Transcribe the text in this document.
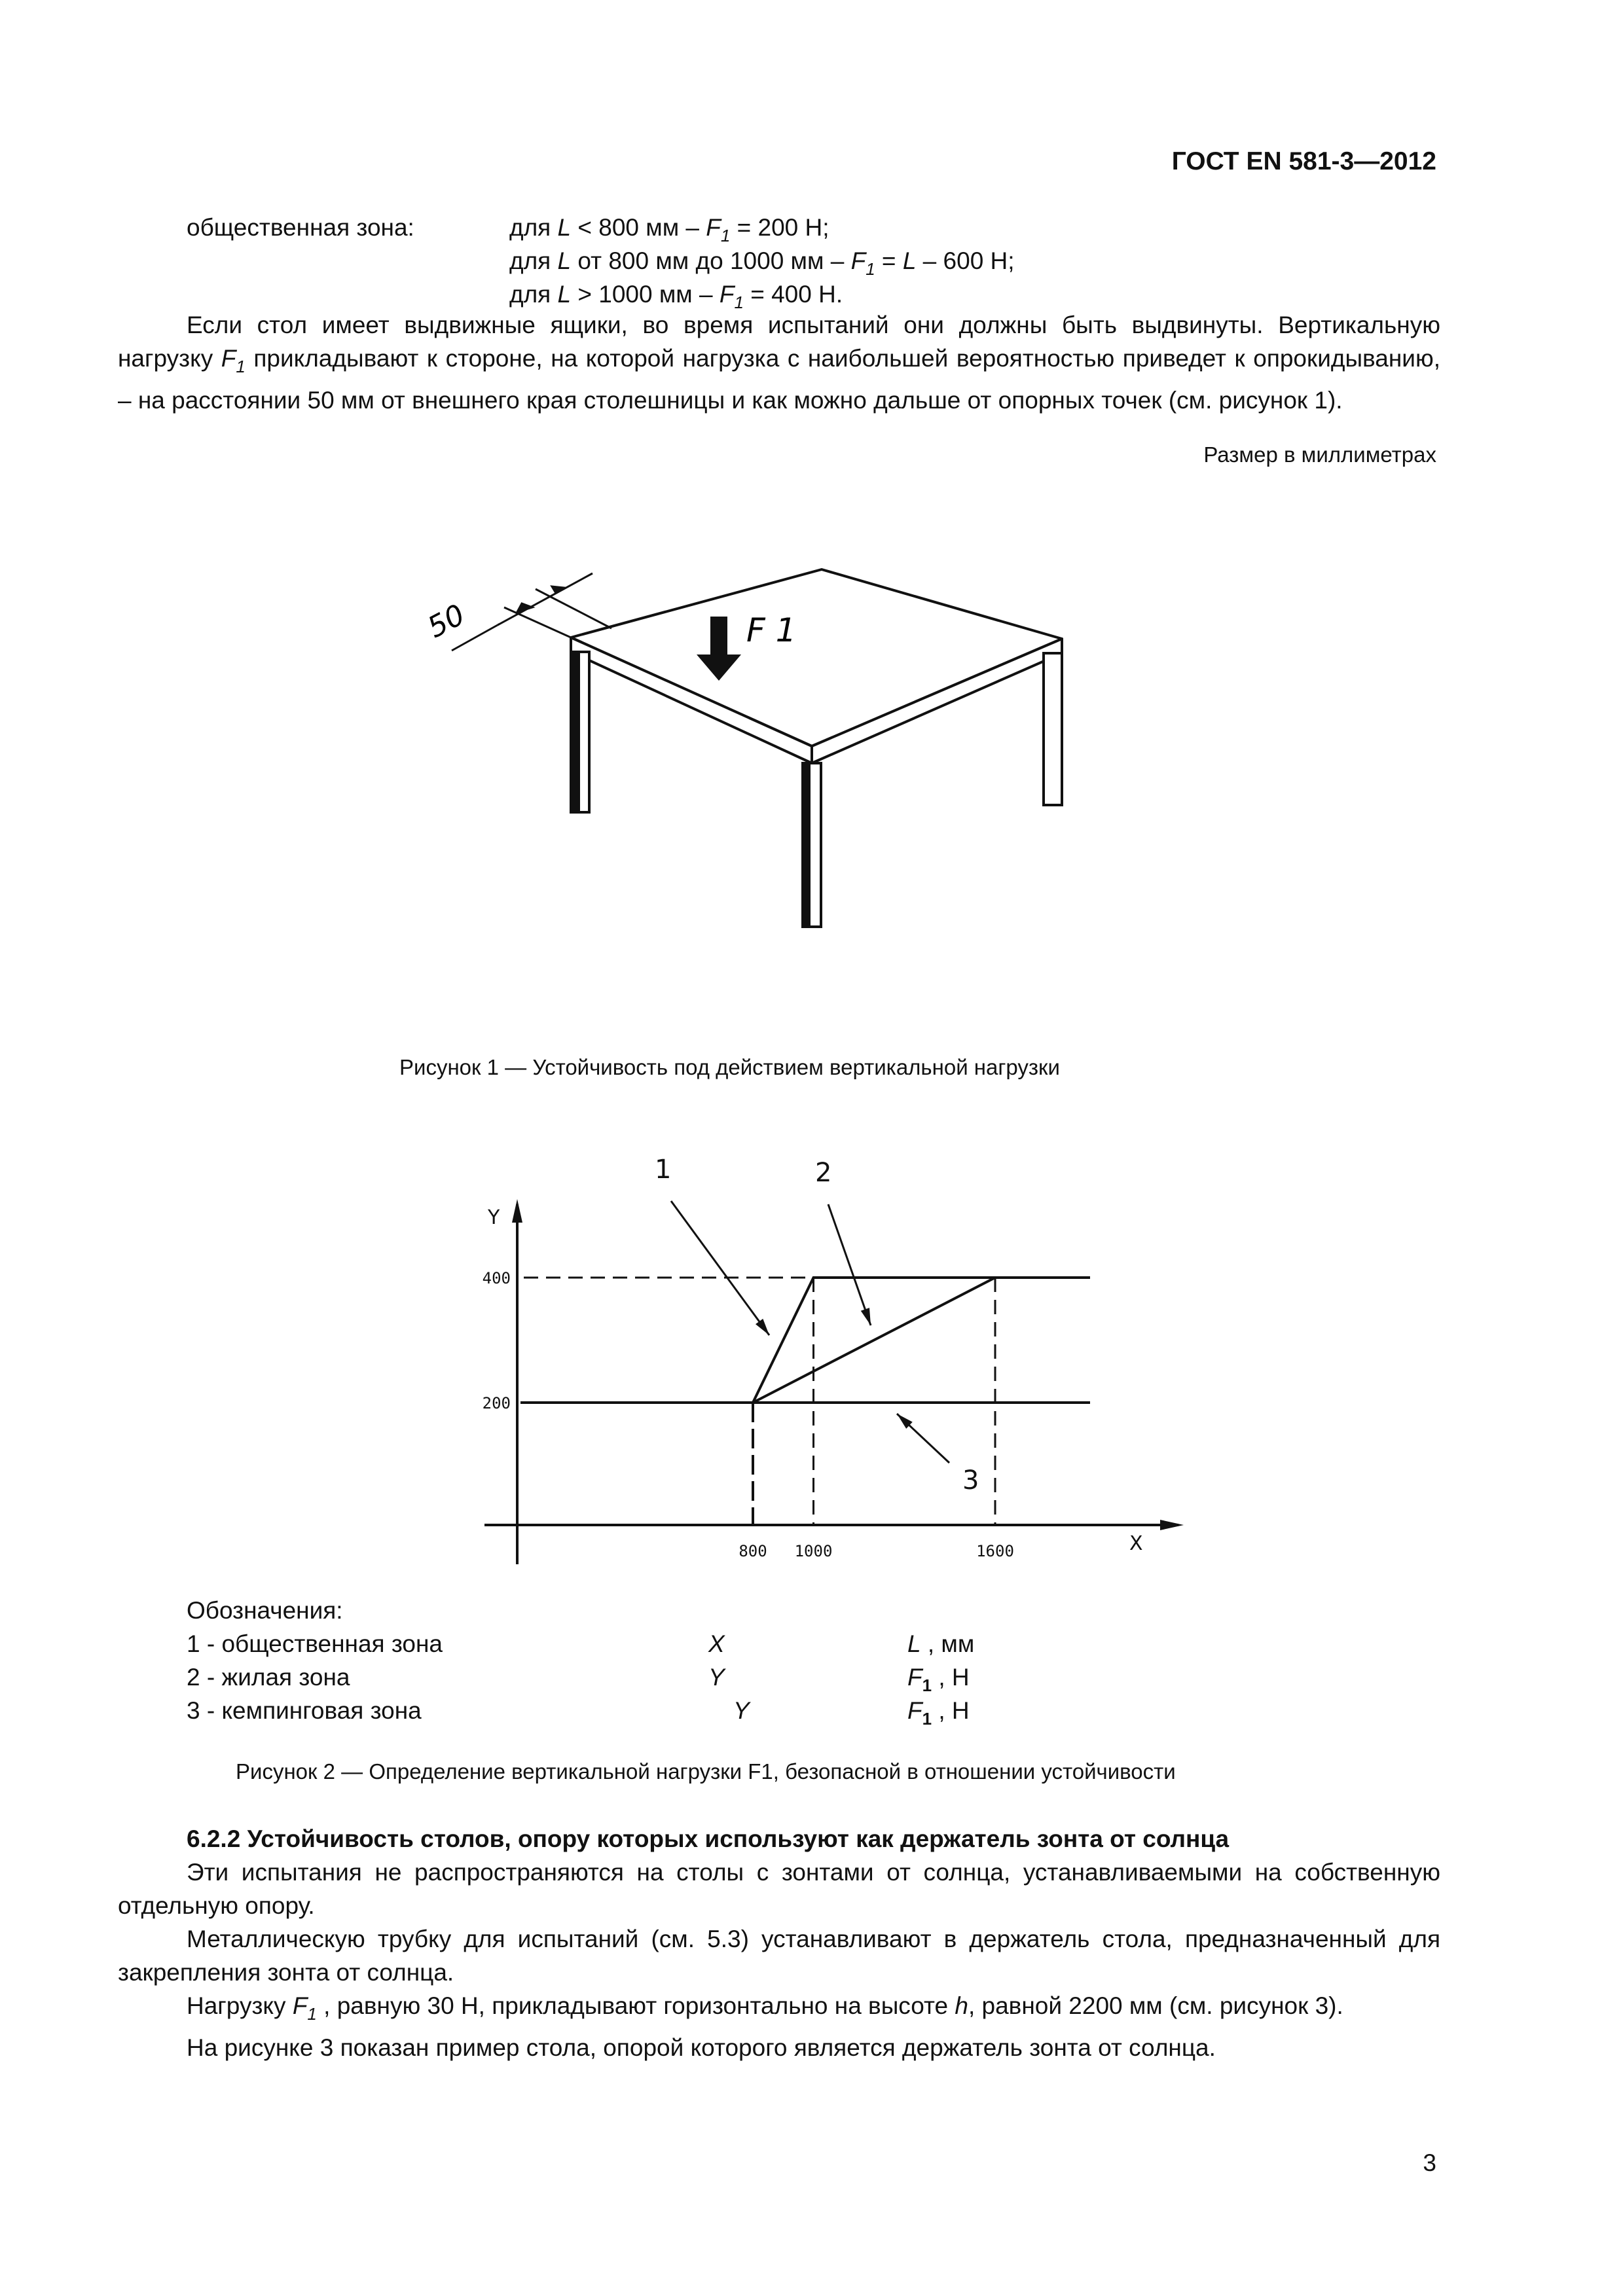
ГОСТ EN 581-3—2012
общественная зона:	для L < 800 мм – $F_1 = 200$ Н;
для L от 800 мм до 1000 мм – $F_1 = L - 600$ Н;
для L > 1000 мм – $F_1 = 400$ Н.

Если стол имеет выдвижные ящики, во время испытаний они должны быть выдвинуты. Вертикальную нагрузку $F_1$ прикладывают к стороне, на которой нагрузка с наибольшей вероятностью приведет к опрокидыванию, – на расстоянии 50 мм от внешнего края столешницы и как можно дальше от опорных точек (см. рисунок 1).

Размер в миллиметрах
50	F 1
Рисунок 1 — Устойчивость под действием вертикальной нагрузки
800 1000	1600
200
400
Y
X
1	2
3
Рисунок 2 — Определение вертикальной нагрузки F1, безопасной в отношении устойчивости
Обозначения:
1 - общественная зона	X	L , мм
2 - жилая зона	Y	$F_1$ , Н
3 - кемпинговая зона	Y	$F_1$ , Н

6.2.2 Устойчивость столов, опору которых используют как держатель зонта от солнца

Эти испытания не распространяются на столы с зонтами от солнца, устанавливаемыми на собственную отдельную опору.

Металлическую трубку для испытаний (см. 5.3) устанавливают в держатель стола, предназначенный для закрепления зонта от солнца.

Нагрузку $F_1$ , равную 30 Н, прикладывают горизонтально на высоте h, равной 2200 мм (см. рисунок 3).

На рисунке 3 показан пример стола, опорой которого является держатель зонта от солнца.

3
